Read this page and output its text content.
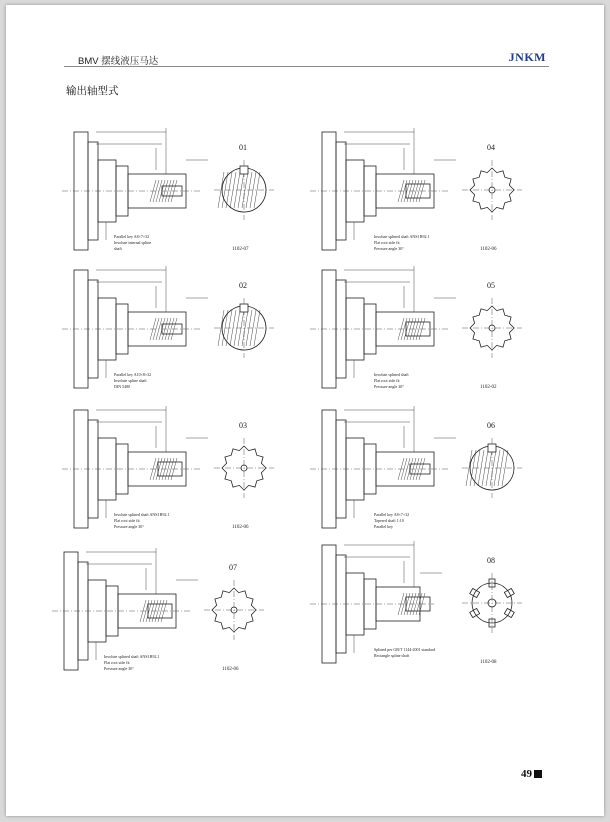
BMV 摆线液压马达	JNKM
输出轴型式
Parallel key A8×7×32
Involute internal spline
shaft
01
1102-07
Involute splined shaft ANSI B92.1
Flat root side fit
Pressure angle 30°
04
1102-06
Parallel key A10×8×32
Involute spline shaft
DIN 5480
02
Involute splined shaft
Flat root side fit
Pressure angle 30°
05
1102-02
Involute splined shaft ANSI B92.1
Flat root side fit
Pressure angle 30°
03
1102-06
Parallel key A8×7×32
Tapered shaft 1:10
Parallel key
06
Involute splined shaft ANSI B92.1
Flat root side fit
Pressure angle 30°
07
1102-06
Splined per GB/T 1144-2001 standard
Rectangle spline shaft
08
1102-08
49
